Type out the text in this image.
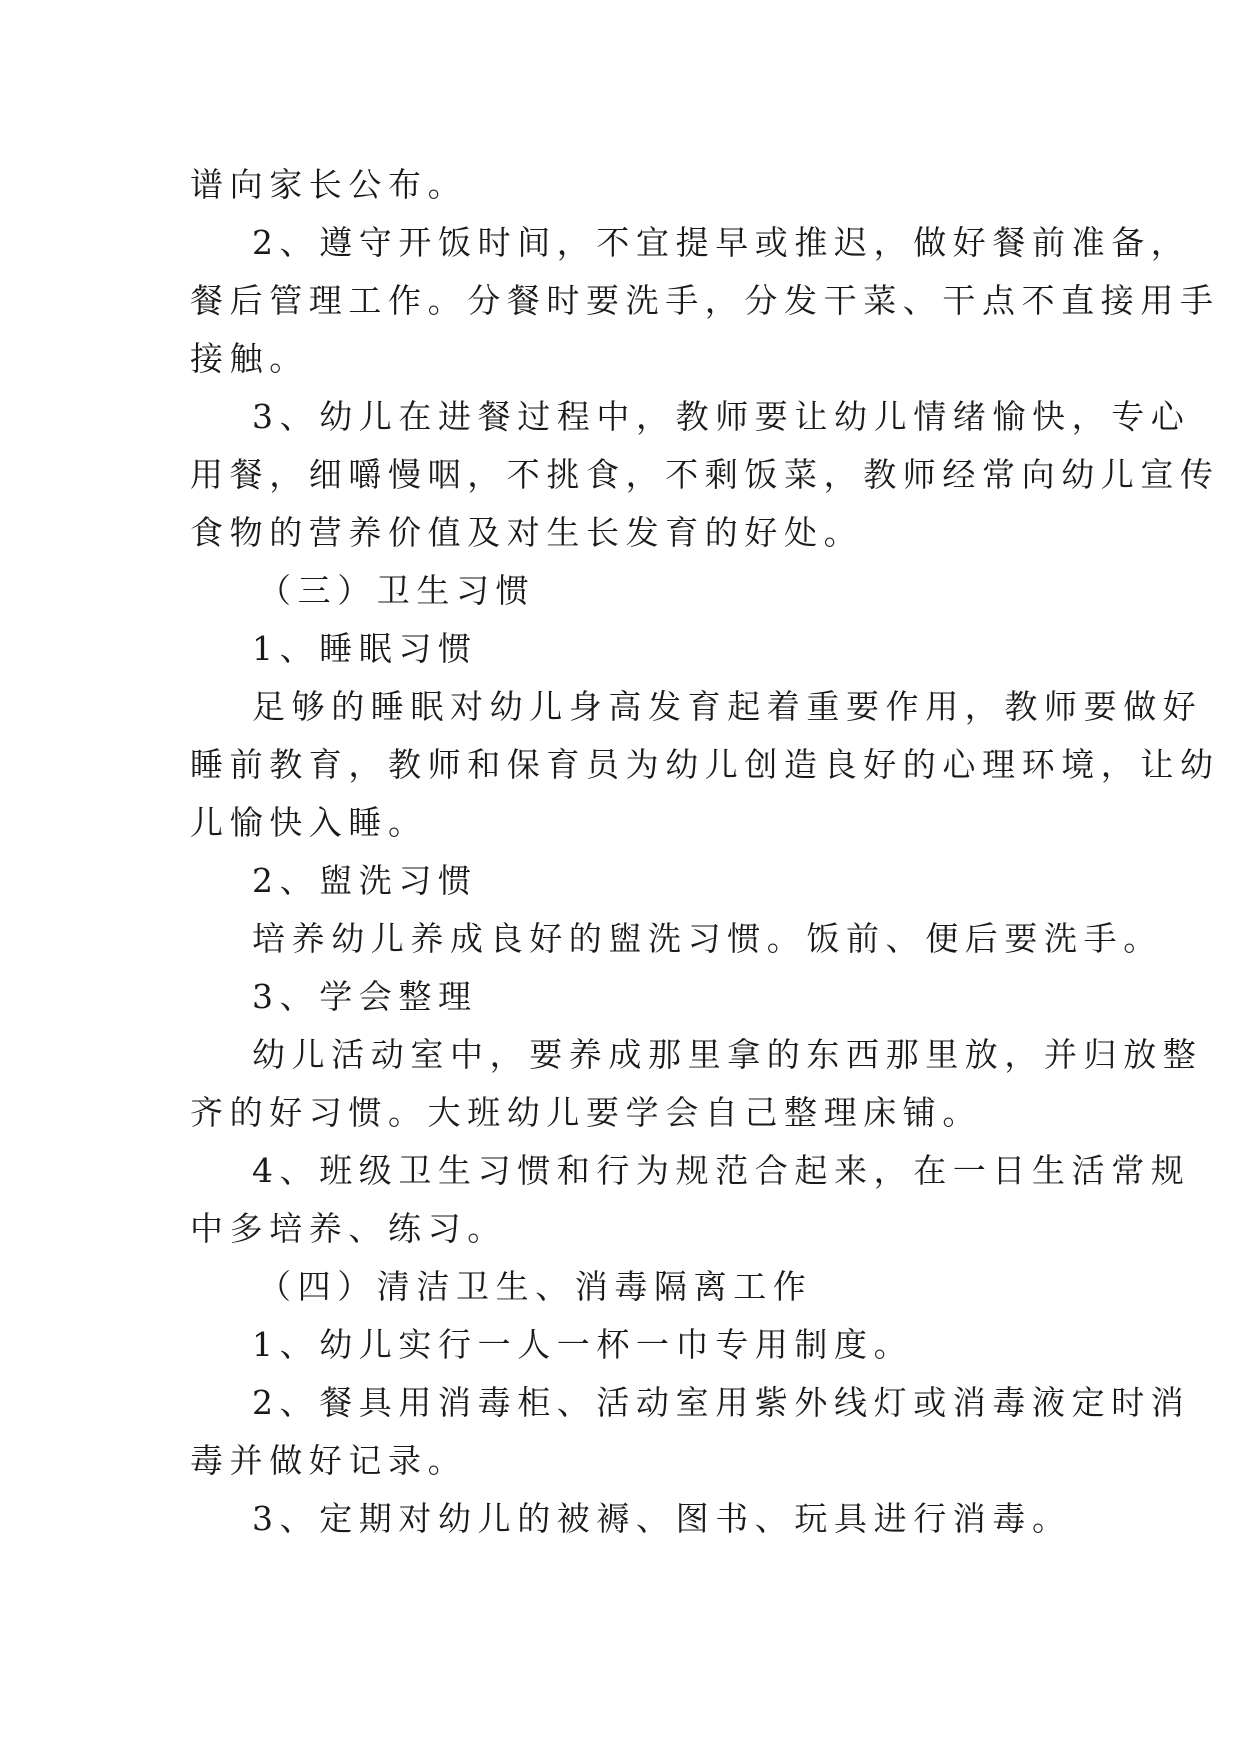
谱向家长公布。
2、遵守开饭时间，不宜提早或推迟，做好餐前准备，
餐后管理工作。分餐时要洗手，分发干菜、干点不直接用手
接触。
3、幼儿在进餐过程中，教师要让幼儿情绪愉快，专心
用餐，细嚼慢咽，不挑食，不剩饭菜，教师经常向幼儿宣传
食物的营养价值及对生长发育的好处。
（三）卫生习惯
1、睡眠习惯
足够的睡眠对幼儿身高发育起着重要作用，教师要做好
睡前教育，教师和保育员为幼儿创造良好的心理环境，让幼
儿愉快入睡。
2、盥洗习惯
培养幼儿养成良好的盥洗习惯。饭前、便后要洗手。
3、学会整理
幼儿活动室中，要养成那里拿的东西那里放，并归放整
齐的好习惯。大班幼儿要学会自己整理床铺。
4、班级卫生习惯和行为规范合起来，在一日生活常规
中多培养、练习。
（四）清洁卫生、消毒隔离工作
1、幼儿实行一人一杯一巾专用制度。
2、餐具用消毒柜、活动室用紫外线灯或消毒液定时消
毒并做好记录。
3、定期对幼儿的被褥、图书、玩具进行消毒。
